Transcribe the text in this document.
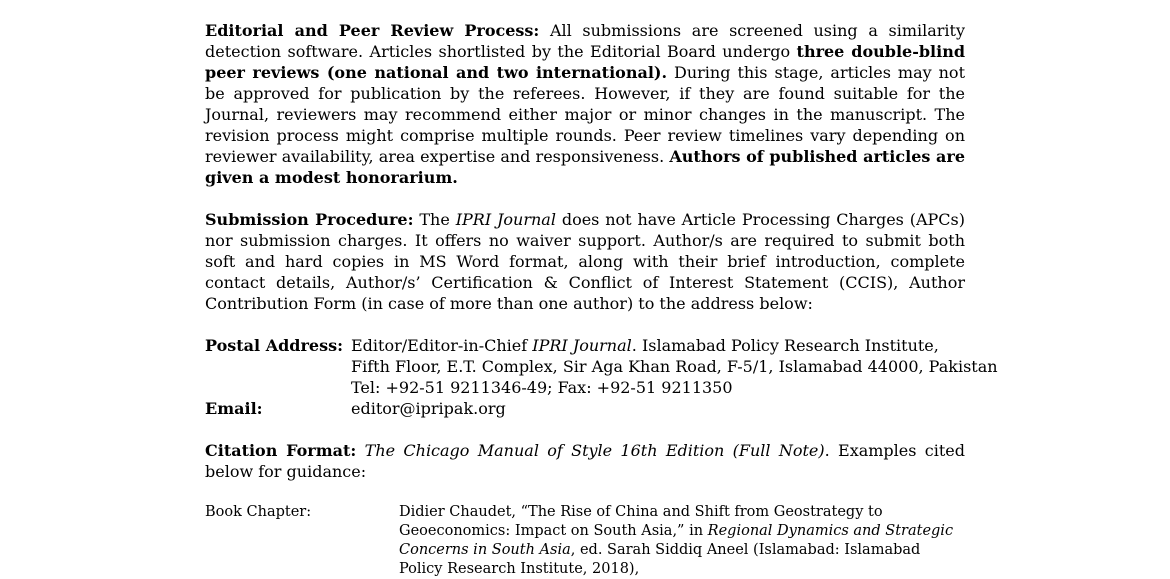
Editorial and Peer Review Process: All submissions are screened using a similarity detection software. Articles shortlisted by the Editorial Board undergo three double-blind peer reviews (one national and two international). During this stage, articles may not be approved for publication by the referees. However, if they are found suitable for the Journal, reviewers may recommend either major or minor changes in the manuscript. The revision process might comprise multiple rounds. Peer review timelines vary depending on reviewer availability, area expertise and responsiveness. Authors of published articles are given a modest honorarium.

Submission Procedure: The IPRI Journal does not have Article Processing Charges (APCs) nor submission charges. It offers no waiver support. Author/s are required to submit both soft and hard copies in MS Word format, along with their brief introduction, complete contact details, Author/s’ Certification & Conflict of Interest Statement (CCIS), Author Contribution Form (in case of more than one author) to the address below:

Postal Address: Editor/Editor-in-Chief IPRI Journal. Islamabad Policy Research Institute,
Fifth Floor, E.T. Complex, Sir Aga Khan Road, F-5/1, Islamabad 44000, Pakistan
Tel: +92-51 9211346-49; Fax: +92-51 9211350
Email:	editor@ipripak.org

Citation Format: The Chicago Manual of Style 16th Edition (Full Note). Examples cited below for guidance:

Book Chapter:	Didier Chaudet, “The Rise of China and Shift from Geostrategy to Geoeconomics: Impact on South Asia,” in Regional Dynamics and Strategic Concerns in South Asia, ed. Sarah Siddiq Aneel (Islamabad: Islamabad Policy Research Institute, 2018),
